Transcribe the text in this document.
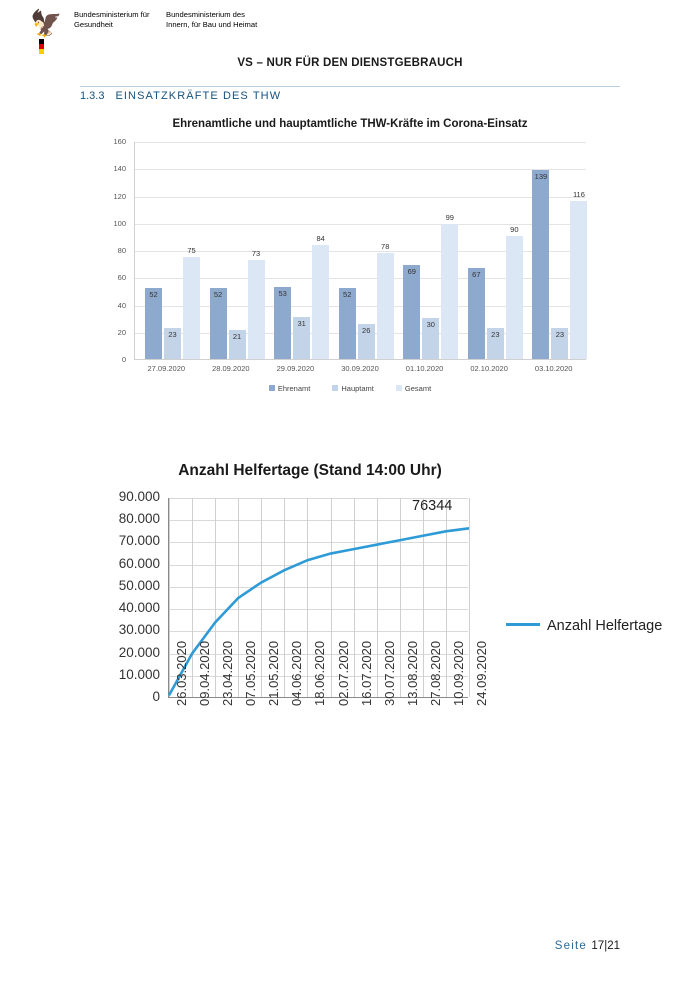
🦅 Bundesministerium für Gesundheit
Bundesministerium des Innern, für Bau und Heimat
VS – NUR FÜR DEN DIENSTGEBRAUCH
1.3.3 EINSATZKRÄFTE DES THW
Ehrenamtliche und hauptamtliche THW-Kräfte im Corona-Einsatz
52
23
75
52
21
73
53
31
84
52
26
78
69
30
99
67
23
90
139
23
116
160
140
120
100
80
60
40
20
0
27.09.2020	28.09.2020	29.09.2020	30.09.2020	01.10.2020	02.10.2020	03.10.2020
Ehrenamt	Hauptamt	Gesamt
Anzahl Helfertage (Stand 14:00 Uhr)
90.000
80.000
70.000
60.000
50.000
40.000
30.000
20.000
10.000
0 26.03.2020 09.04.2020 23.04.2020 07.05.2020 21.05.2020 04.06.2020 18.06.2020 02.07.2020 16.07.2020 30.07.2020 13.08.2020 27.08.2020 10.09.2020 24.09.2020
76344
Anzahl Helfertage
Seite 17|21
